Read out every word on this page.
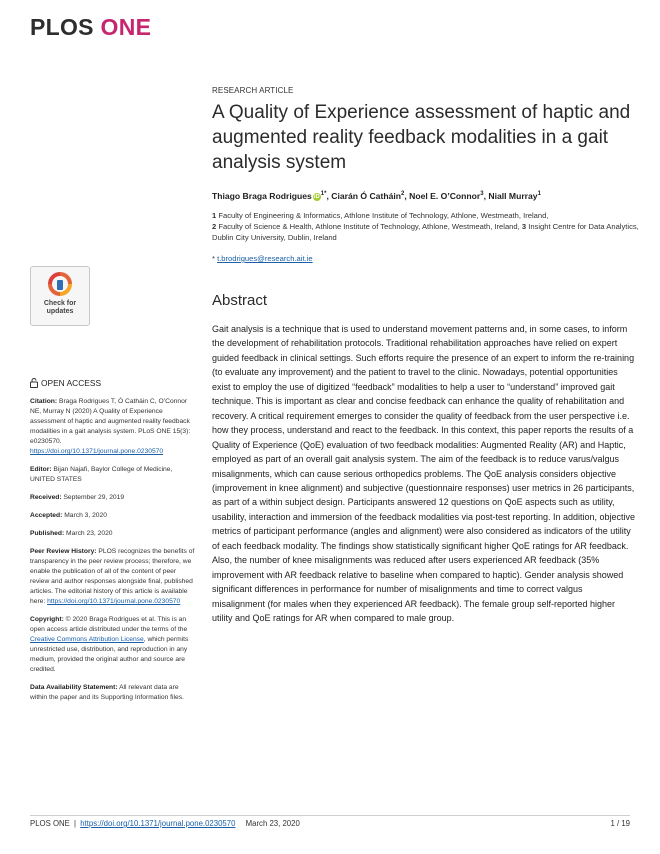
PLOS ONE
RESEARCH ARTICLE
A Quality of Experience assessment of haptic and augmented reality feedback modalities in a gait analysis system
Thiago Braga Rodrigues $iD^{1*}$, Ciarán Ó Catháin$^2$, Noel E. O’Connor$^3$, Niall Murray$^1$
1 Faculty of Engineering & Informatics, Athlone Institute of Technology, Athlone, Westmeath, Ireland,
2 Faculty of Science & Health, Athlone Institute of Technology, Athlone, Westmeath, Ireland, 3 Insight Centre for Data Analytics, Dublin City University, Dublin, Ireland
* t.brodrigues@research.ait.ie
Check for
updates
OPEN ACCESS
Citation: Braga Rodrigues T, Ó Catháin C, O’Connor NE, Murray N (2020) A Quality of Experience assessment of haptic and augmented reality feedback modalities in a gait analysis system. PLoS ONE 15(3): e0230570. https://doi.org/10.1371/journal.pone.0230570
Editor: Bijan Najafi, Baylor College of Medicine, UNITED STATES
Received: September 29, 2019
Accepted: March 3, 2020
Published: March 23, 2020
Peer Review History: PLOS recognizes the benefits of transparency in the peer review process; therefore, we enable the publication of all of the content of peer review and author responses alongside final, published articles. The editorial history of this article is available here: https://doi.org/10.1371/journal.pone.0230570
Copyright: © 2020 Braga Rodrigues et al. This is an open access article distributed under the terms of the Creative Commons Attribution License, which permits unrestricted use, distribution, and reproduction in any medium, provided the original author and source are credited.
Data Availability Statement: All relevant data are within the paper and its Supporting Information files.
Abstract

Gait analysis is a technique that is used to understand movement patterns and, in some cases, to inform the development of rehabilitation protocols. Traditional rehabilitation approaches have relied on expert guided feedback in clinical settings. Such efforts require the presence of an expert to inform the re-training (to evaluate any improvement) and the patient to travel to the clinic. Nowadays, potential opportunities exist to employ the use of digitized “feedback” modalities to help a user to “understand” improved gait technique. This is important as clear and concise feedback can enhance the quality of rehabilitation and recovery. A critical requirement emerges to consider the quality of feedback from the user perspective i.e. how they process, understand and react to the feedback. In this context, this paper reports the results of a Quality of Experience (QoE) evaluation of two feedback modalities: Augmented Reality (AR) and Haptic, employed as part of an overall gait analysis system. The aim of the feedback is to reduce varus/valgus misalignments, which can cause serious orthopedics problems. The QoE analysis considers objective (improvement in knee alignment) and subjective (questionnaire responses) user metrics in 26 participants, as part of a within subject design. Participants answered 12 questions on QoE aspects such as utility, usability, interaction and immersion of the feedback modalities via post-test reporting. In addition, objective metrics of participant performance (angles and alignment) were also considered as indicators of the utility of each feedback modality. The findings show statistically significant higher QoE ratings for AR feedback. Also, the number of knee misalignments was reduced after users experienced AR feedback (35% improvement with AR feedback relative to baseline when compared to haptic). Gender analysis showed significant differences in performance for number of misalignments and time to correct valgus misalignment (for males when they experienced AR feedback). The female group self-reported higher utility and QoE ratings for AR when compared to male group.

PLOS ONE | https://doi.org/10.1371/journal.pone.0230570 March 23, 2020	1 / 19
